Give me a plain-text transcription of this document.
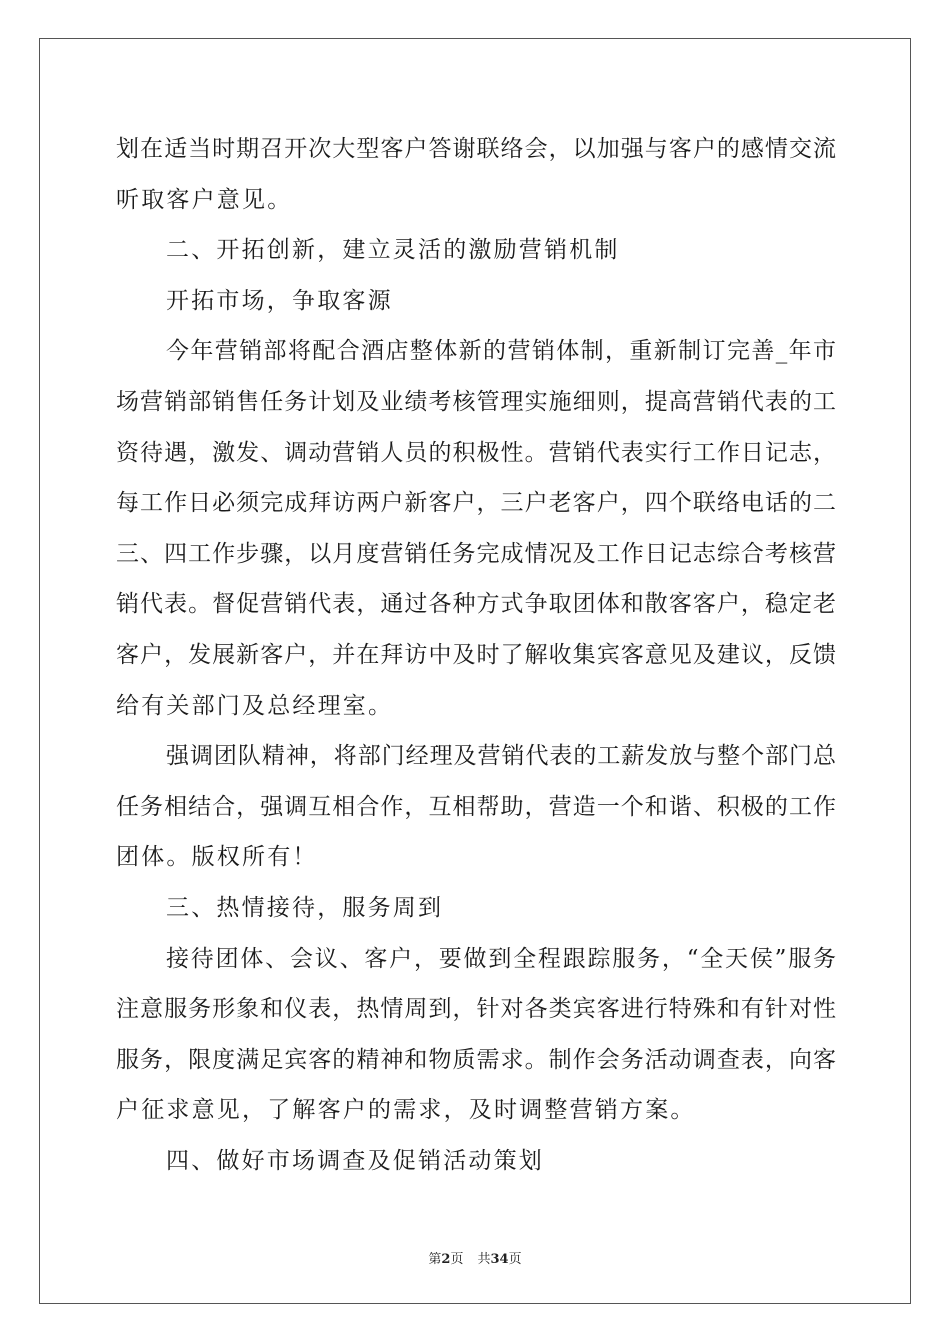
划在适当时期召开次大型客户答谢联络会，以加强与客户的感情交流
听取客户意见。
二、开拓创新，建立灵活的激励营销机制
开拓市场，争取客源
今年营销部将配合酒店整体新的营销体制，重新制订完善_年市
场营销部销售任务计划及业绩考核管理实施细则，提高营销代表的工
资待遇，激发、调动营销人员的积极性。营销代表实行工作日记志，
每工作日必须完成拜访两户新客户，三户老客户，四个联络电话的二
三、四工作步骤，以月度营销任务完成情况及工作日记志综合考核营
销代表。督促营销代表，通过各种方式争取团体和散客客户，稳定老
客户，发展新客户，并在拜访中及时了解收集宾客意见及建议，反馈
给有关部门及总经理室。
强调团队精神，将部门经理及营销代表的工薪发放与整个部门总
任务相结合，强调互相合作，互相帮助，营造一个和谐、积极的工作
团体。版权所有！
三、热情接待，服务周到
接待团体、会议、客户，要做到全程跟踪服务，“全天侯”服务
注意服务形象和仪表，热情周到，针对各类宾客进行特殊和有针对性
服务，限度满足宾客的精神和物质需求。制作会务活动调查表，向客
户征求意见，了解客户的需求，及时调整营销方案。
四、做好市场调查及促销活动策划
第2页 共34页
